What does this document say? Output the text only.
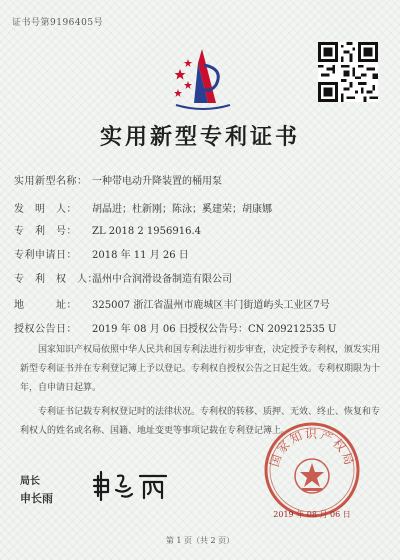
证书号第9196405号
实用新型专利证书
实用新型名称： 一种带电动升降装置的桶用泵
发　明　人： 胡晶进；杜新刚；陈泳；奚建荣；胡康娜
专　利　号： ZL 2018 2 1956916.4
专利申请日： 2018 年 11 月 26 日
专　利　权　人：温州中合润滑设备制造有限公司
地　　　址： 325007 浙江省温州市鹿城区丰门街道屿头工业区7号
授权公告日： 2019 年 08 月 06 日授权公告号：CN 209212535 U
国家知识产权局依照中华人民共和国专利法进行初步审查，决定授予专利权，颁发实用
新型专利证书并在专利登记簿上予以登记。专利权自授权公告之日起生效。专利权期限为十
年，自申请日起算。
专利证书记载专利权登记时的法律状况。专利权的转移、质押、无效、终止、恢复和专
利权人的姓名或名称、国籍、地址变更等事项记载在专利登记簿上。
局长
申长雨
国家知识产权局
2019 年 08 月 06 日
第 1 页（共 2 页）
